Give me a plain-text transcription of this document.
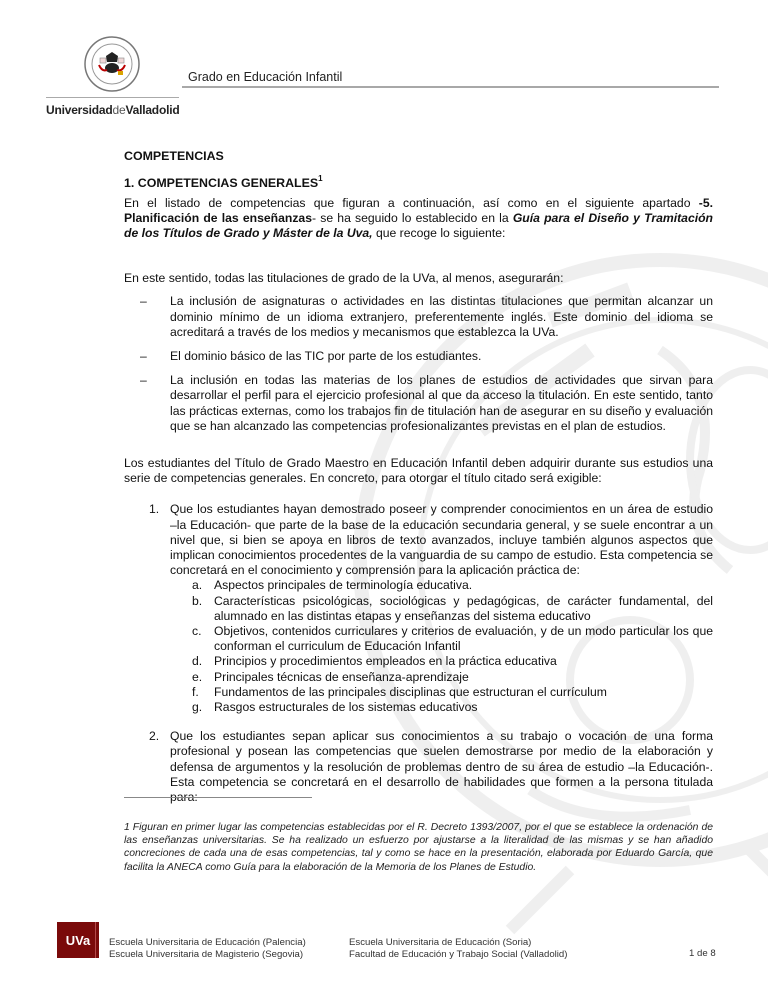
Grado en Educación Infantil
UniversidaddeValladolid

COMPETENCIAS

1. COMPETENCIAS GENERALES$^1$

En el listado de competencias que figuran a continuación, así como en el siguiente apartado -5. Planificación de las enseñanzas- se ha seguido lo establecido en la Guía para el Diseño y Tramitación de los Títulos de Grado y Máster de la Uva, que recoge lo siguiente:

En este sentido, todas las titulaciones de grado de la UVa, al menos, asegurarán:

– La inclusión de asignaturas o actividades en las distintas titulaciones que permitan alcanzar un dominio mínimo de un idioma extranjero, preferentemente inglés. Este dominio del idioma se acreditará a través de los medios y mecanismos que establezca la UVa.
– El dominio básico de las TIC por parte de los estudiantes.
– La inclusión en todas las materias de los planes de estudios de actividades que sirvan para desarrollar el perfil para el ejercicio profesional al que da acceso la titulación. En este sentido, tanto las prácticas externas, como los trabajos fin de titulación han de asegurar en su diseño y evaluación que se han alcanzado las competencias profesionalizantes previstas en el plan de estudios.

Los estudiantes del Título de Grado Maestro en Educación Infantil deben adquirir durante sus estudios una serie de competencias generales. En concreto, para otorgar el título citado será exigible:

1. Que los estudiantes hayan demostrado poseer y comprender conocimientos en un área de estudio –la Educación- que parte de la base de la educación secundaria general, y se suele encontrar a un nivel que, si bien se apoya en libros de texto avanzados, incluye también algunos aspectos que implican conocimientos procedentes de la vanguardia de su campo de estudio. Esta competencia se concretará en el conocimiento y comprensión para la aplicación práctica de:
a. Aspectos principales de terminología educativa.
b. Características psicológicas, sociológicas y pedagógicas, de carácter fundamental, del alumnado en las distintas etapas y enseñanzas del sistema educativo
c. Objetivos, contenidos curriculares y criterios de evaluación, y de un modo particular los que conforman el curriculum de Educación Infantil
d. Principios y procedimientos empleados en la práctica educativa
e. Principales técnicas de enseñanza-aprendizaje
f. Fundamentos de las principales disciplinas que estructuran el currículum
g. Rasgos estructurales de los sistemas educativos
2. Que los estudiantes sepan aplicar sus conocimientos a su trabajo o vocación de una forma profesional y posean las competencias que suelen demostrarse por medio de la elaboración y defensa de argumentos y la resolución de problemas dentro de su área de estudio –la Educación-. Esta competencia se concretará en el desarrollo de habilidades que formen a la persona titulada para:
1 Figuran en primer lugar las competencias establecidas por el R. Decreto 1393/2007, por el que se establece la ordenación de las enseñanzas universitarias. Se ha realizado un esfuerzo por ajustarse a la literalidad de las mismas y se han añadido concreciones de cada una de esas competencias, tal y como se hace en la presentación, elaborada por Eduardo García, que facilita la ANECA como Guía para la elaboración de la Memoria de los Planes de Estudio.
UVa	Escuela Universitaria de Educación (Palencia)
Escuela Universitaria de Magisterio (Segovia)
Escuela Universitaria de Educación (Soria)
Facultad de Educación y Trabajo Social (Valladolid)	1 de 8
